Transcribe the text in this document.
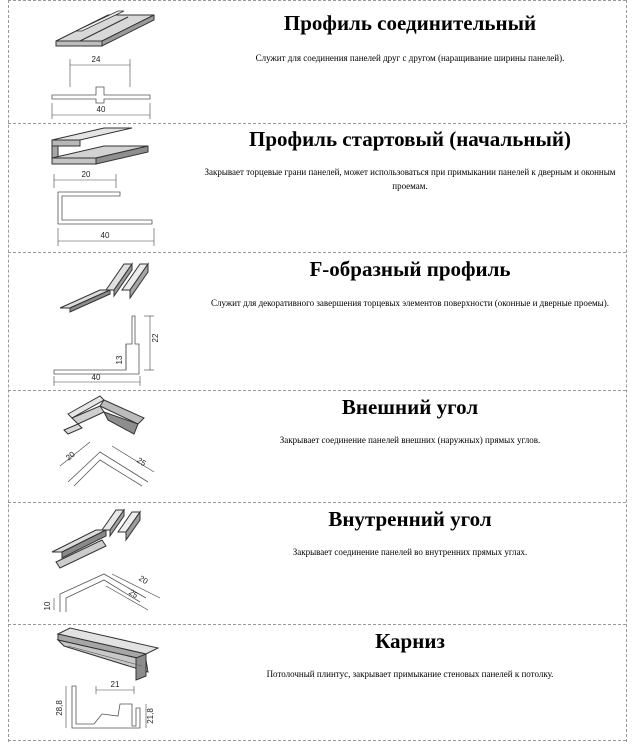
24
40
Профиль соединительный

Служит для соединения панелей друг с другом (наращивание ширины панелей).

20
40
Профиль стартовый (начальный)

Закрывает торцевые грани панелей, может использоваться при примыкании панелей к дверным и оконным проемам.

22
13
40
F-образный профиль

Служит для декоративного завершения торцевых элементов поверхности (оконные и дверные проемы).

20	25
Внешний угол

Закрывает соединение панелей внешних (наружных) прямых углов.

20
25
10
Внутренний угол

Закрывает соединение панелей во внутренних прямых углах.

21
28,8
21,8
Карниз

Потолочный плинтус, закрывает примыкание стеновых панелей к потолку.
